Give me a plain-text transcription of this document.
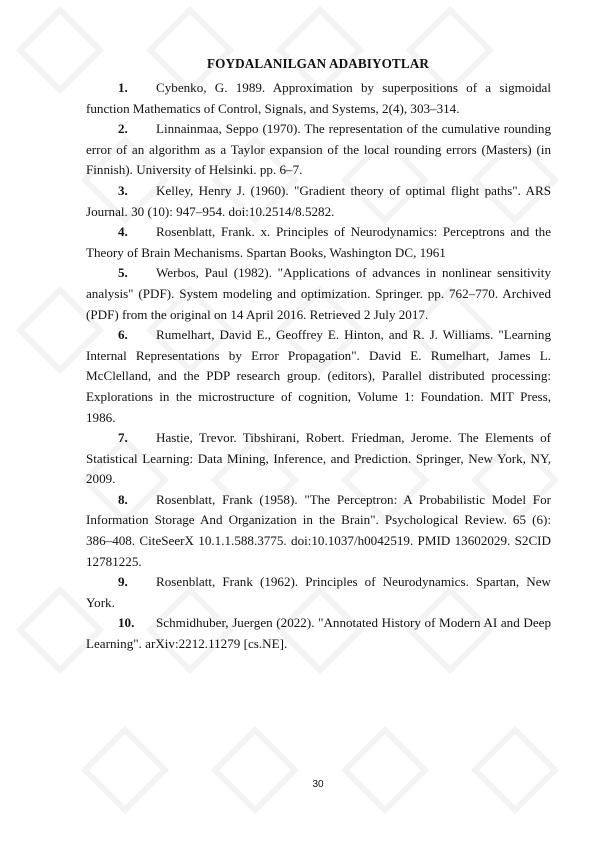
FOYDALANILGAN ADABIYOTLAR
1. Cybenko, G. 1989. Approximation by superpositions of a sigmoidal function Mathematics of Control, Signals, and Systems, 2(4), 303–314.
2. Linnainmaa, Seppo (1970). The representation of the cumulative rounding error of an algorithm as a Taylor expansion of the local rounding errors (Masters) (in Finnish). University of Helsinki. pp. 6–7.
3. Kelley, Henry J. (1960). "Gradient theory of optimal flight paths". ARS Journal. 30 (10): 947–954. doi:10.2514/8.5282.
4. Rosenblatt, Frank. x. Principles of Neurodynamics: Perceptrons and the Theory of Brain Mechanisms. Spartan Books, Washington DC, 1961
5. Werbos, Paul (1982). "Applications of advances in nonlinear sensitivity analysis" (PDF). System modeling and optimization. Springer. pp. 762–770. Archived (PDF) from the original on 14 April 2016. Retrieved 2 July 2017.
6. Rumelhart, David E., Geoffrey E. Hinton, and R. J. Williams. "Learning Internal Representations by Error Propagation". David E. Rumelhart, James L. McClelland, and the PDP research group. (editors), Parallel distributed processing: Explorations in the microstructure of cognition, Volume 1: Foundation. MIT Press, 1986.
7. Hastie, Trevor. Tibshirani, Robert. Friedman, Jerome. The Elements of Statistical Learning: Data Mining, Inference, and Prediction. Springer, New York, NY, 2009.
8. Rosenblatt, Frank (1958). "The Perceptron: A Probabilistic Model For Information Storage And Organization in the Brain". Psychological Review. 65 (6): 386–408. CiteSeerX 10.1.1.588.3775. doi:10.1037/h0042519. PMID 13602029. S2CID 12781225.
9. Rosenblatt, Frank (1962). Principles of Neurodynamics. Spartan, New York.
10. Schmidhuber, Juergen (2022). "Annotated History of Modern AI and Deep Learning". arXiv:2212.11279 [cs.NE].
30
